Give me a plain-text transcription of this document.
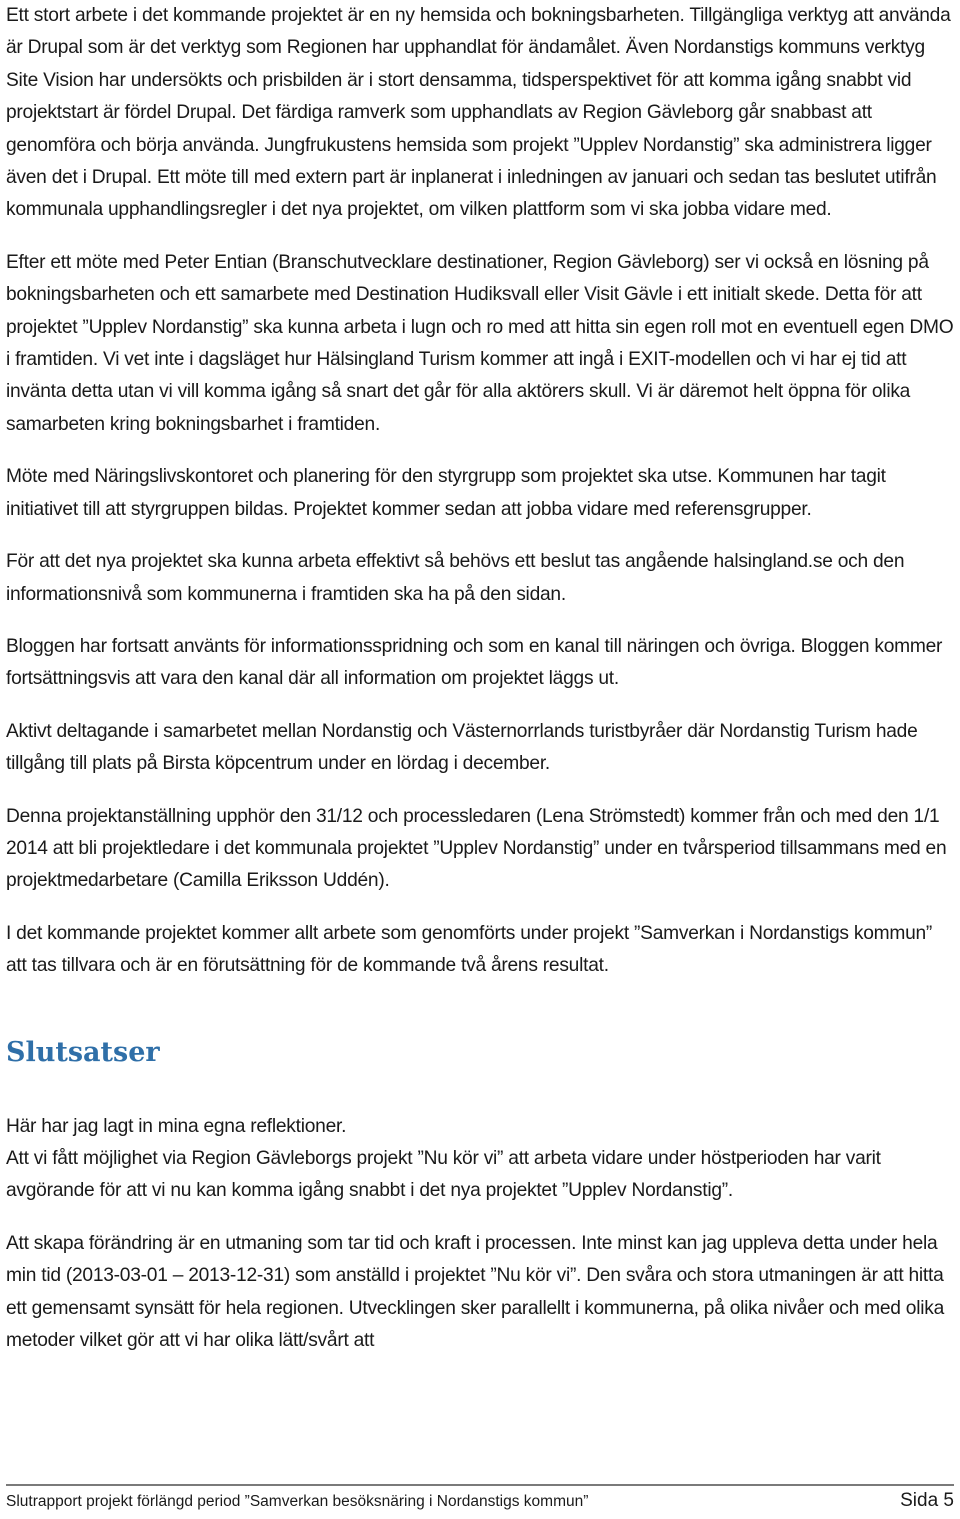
Ett stort arbete i det kommande projektet är en ny hemsida och bokningsbarheten. Tillgängliga verktyg att använda är Drupal som är det verktyg som Regionen har upphandlat för ändamålet. Även Nordanstigs kommuns verktyg Site Vision har undersökts och prisbilden är i stort densamma, tidsperspektivet för att komma igång snabbt vid projektstart är fördel Drupal. Det färdiga ramverk som upphandlats av Region Gävleborg går snabbast att genomföra och börja använda. Jungfrukustens hemsida som projekt ”Upplev Nordanstig” ska administrera ligger även det i Drupal. Ett möte till med extern part är inplanerat i inledningen av januari och sedan tas beslutet utifrån kommunala upphandlingsregler i det nya projektet, om vilken plattform som vi ska jobba vidare med.

Efter ett möte med Peter Entian (Branschutvecklare destinationer, Region Gävleborg) ser vi också en lösning på bokningsbarheten och ett samarbete med Destination Hudiksvall eller Visit Gävle i ett initialt skede. Detta för att projektet ”Upplev Nordanstig” ska kunna arbeta i lugn och ro med att hitta sin egen roll mot en eventuell egen DMO i framtiden. Vi vet inte i dagsläget hur Hälsingland Turism kommer att ingå i EXIT-modellen och vi har ej tid att invänta detta utan vi vill komma igång så snart det går för alla aktörers skull. Vi är däremot helt öppna för olika samarbeten kring bokningsbarhet i framtiden.

Möte med Näringslivskontoret och planering för den styrgrupp som projektet ska utse. Kommunen har tagit initiativet till att styrgruppen bildas. Projektet kommer sedan att jobba vidare med referensgrupper.

För att det nya projektet ska kunna arbeta effektivt så behövs ett beslut tas angående halsingland.se och den informationsnivå som kommunerna i framtiden ska ha på den sidan.

Bloggen har fortsatt använts för informationsspridning och som en kanal till näringen och övriga. Bloggen kommer fortsättningsvis att vara den kanal där all information om projektet läggs ut.

Aktivt deltagande i samarbetet mellan Nordanstig och Västernorrlands turistbyråer där Nordanstig Turism hade tillgång till plats på Birsta köpcentrum under en lördag i december.

Denna projektanställning upphör den 31/12 och processledaren (Lena Strömstedt) kommer från och med den 1/1 2014 att bli projektledare i det kommunala projektet ”Upplev Nordanstig” under en tvårsperiod tillsammans med en projektmedarbetare (Camilla Eriksson Uddén).

I det kommande projektet kommer allt arbete som genomförts under projekt ”Samverkan i Nordanstigs kommun” att tas tillvara och är en förutsättning för de kommande två årens resultat.

Slutsatser

Här har jag lagt in mina egna reflektioner.

Att vi fått möjlighet via Region Gävleborgs projekt ”Nu kör vi” att arbeta vidare under höstperioden har varit avgörande för att vi nu kan komma igång snabbt i det nya projektet ”Upplev Nordanstig”.

Att skapa förändring är en utmaning som tar tid och kraft i processen. Inte minst kan jag uppleva detta under hela min tid (2013-03-01 – 2013-12-31) som anställd i projektet ”Nu kör vi”. Den svåra och stora utmaningen är att hitta ett gemensamt synsätt för hela regionen. Utvecklingen sker parallellt i kommunerna, på olika nivåer och med olika metoder vilket gör att vi har olika lätt/svårt att

Slutrapport projekt förlängd period ”Samverkan besöksnäring i Nordanstigs kommun”	Sida 5
